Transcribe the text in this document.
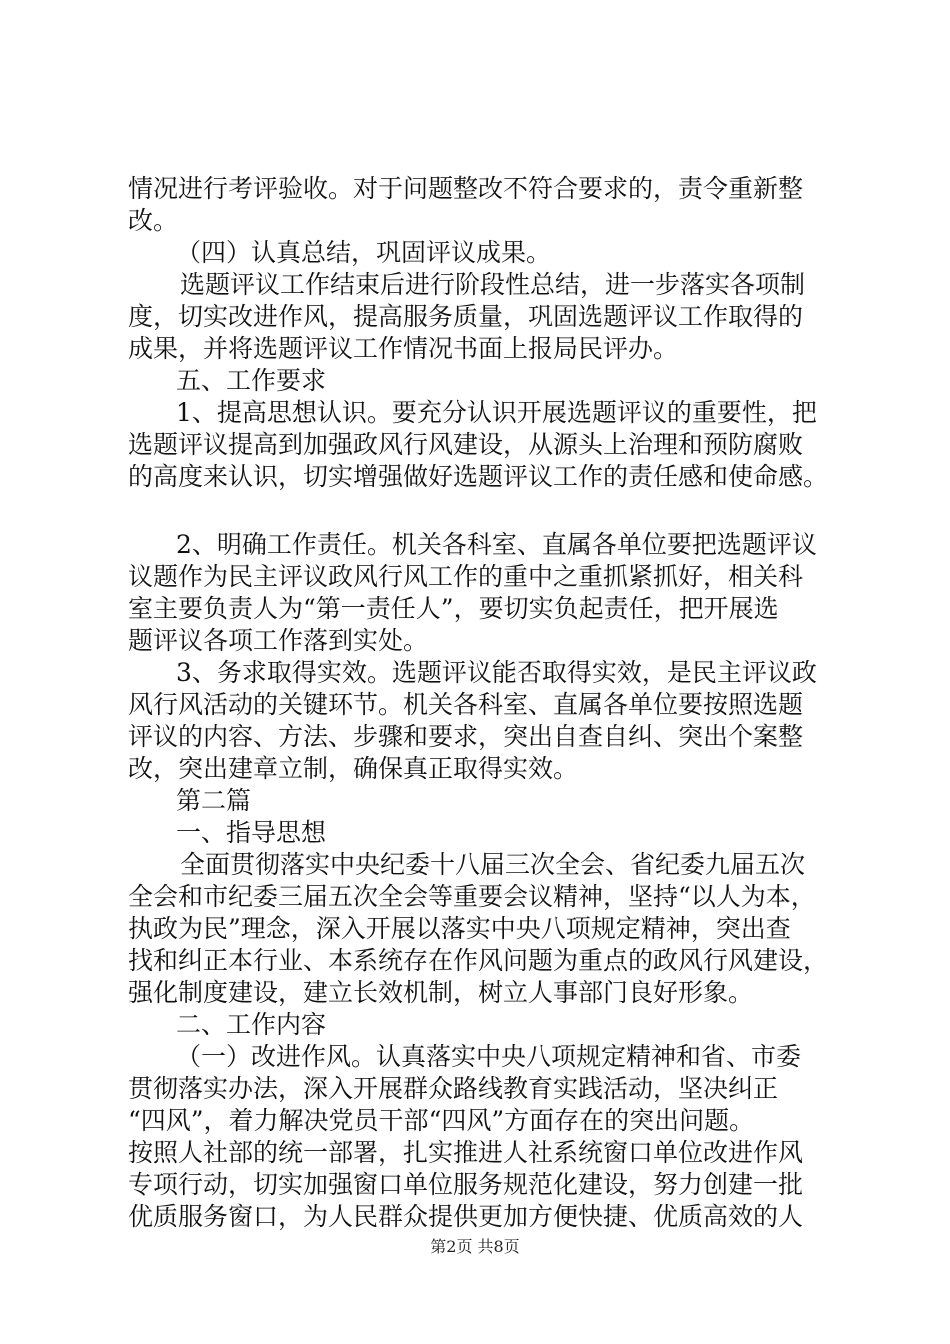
情况进行考评验收。对于问题整改不符合要求的，责令重新整
改。
（四）认真总结，巩固评议成果。
选题评议工作结束后进行阶段性总结，进一步落实各项制
度，切实改进作风，提高服务质量，巩固选题评议工作取得的
成果，并将选题评议工作情况书面上报局民评办。
五、工作要求
1、提高思想认识。要充分认识开展选题评议的重要性，把
选题评议提高到加强政风行风建设，从源头上治理和预防腐败
的高度来认识，切实增强做好选题评议工作的责任感和使命感。
2、明确工作责任。机关各科室、直属各单位要把选题评议
议题作为民主评议政风行风工作的重中之重抓紧抓好，相关科
室主要负责人为“第一责任人”，要切实负起责任，把开展选
题评议各项工作落到实处。
3、务求取得实效。选题评议能否取得实效，是民主评议政
风行风活动的关键环节。机关各科室、直属各单位要按照选题
评议的内容、方法、步骤和要求，突出自查自纠、突出个案整
改，突出建章立制，确保真正取得实效。
第二篇
一、指导思想
全面贯彻落实中央纪委十八届三次全会、省纪委九届五次
全会和市纪委三届五次全会等重要会议精神，坚持“以人为本，
执政为民”理念，深入开展以落实中央八项规定精神，突出查
找和纠正本行业、本系统存在作风问题为重点的政风行风建设，
强化制度建设，建立长效机制，树立人事部门良好形象。
二、工作内容
（一）改进作风。认真落实中央八项规定精神和省、市委
贯彻落实办法，深入开展群众路线教育实践活动，坚决纠正
“四风”，着力解决党员干部“四风”方面存在的突出问题。
按照人社部的统一部署，扎实推进人社系统窗口单位改进作风
专项行动，切实加强窗口单位服务规范化建设，努力创建一批
优质服务窗口，为人民群众提供更加方便快捷、优质高效的人
第2页 共8页
